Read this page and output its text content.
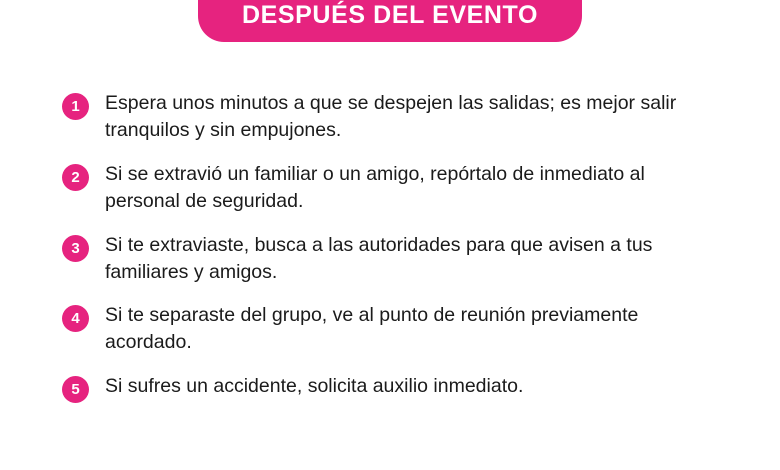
DESPUÉS DEL EVENTO
1	Espera unos minutos a que se despejen las salidas; es mejor salir tranquilos y sin empujones.
2	Si se extravió un familiar o un amigo, repórtalo de inmediato al personal de seguridad.
3	Si te extraviaste, busca a las autoridades para que avisen a tus familiares y amigos.
4	Si te separaste del grupo, ve al punto de reunión previamente acordado.
5	Si sufres un accidente, solicita auxilio inmediato.
